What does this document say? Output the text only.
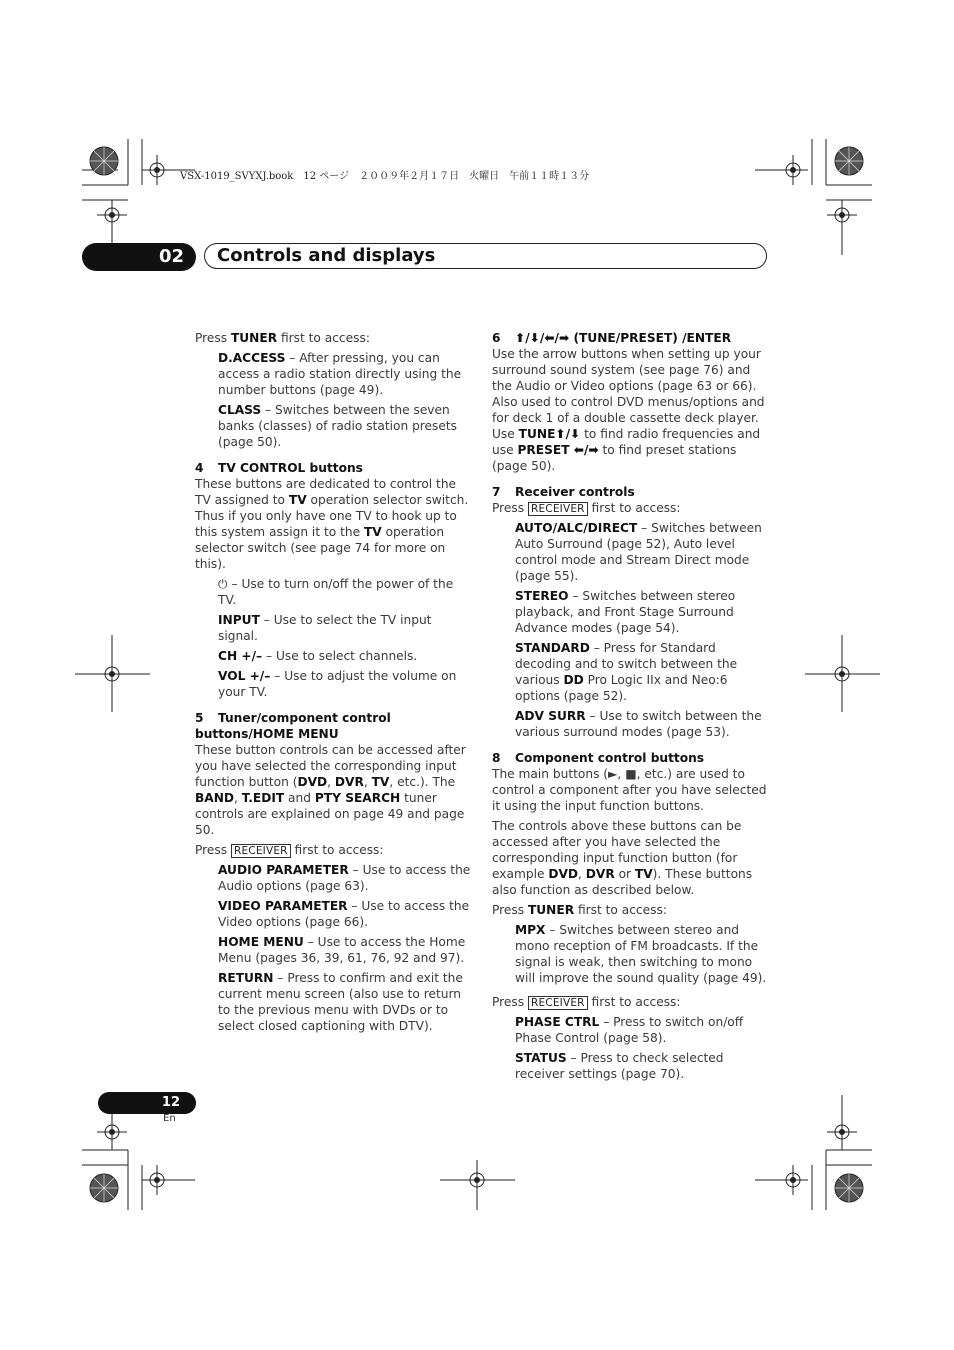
VSX-1019_SVYXJ.book　12 ページ　２００９年２月１７日　火曜日　午前１１時１３分
02	Controls and displays

Press TUNER first to access:

D.ACCESS – After pressing, you can access a radio station directly using the number buttons (page 49).

CLASS – Switches between the seven banks (classes) of radio station presets (page 50).

4 TV CONTROL buttons

These buttons are dedicated to control the TV assigned to TV operation selector switch. Thus if you only have one TV to hook up to this system assign it to the TV operation selector switch (see page 74 for more on this).

⏻ – Use to turn on/off the power of the TV.

INPUT – Use to select the TV input signal.

CH +/– – Use to select channels.

VOL +/– – Use to adjust the volume on your TV.

5 Tuner/component control buttons/HOME MENU

These button controls can be accessed after you have selected the corresponding input function button (DVD, DVR, TV, etc.). The BAND, T.EDIT and PTY SEARCH tuner controls are explained on page 49 and page 50.

Press RECEIVER first to access:

AUDIO PARAMETER – Use to access the Audio options (page 63).

VIDEO PARAMETER – Use to access the Video options (page 66).

HOME MENU – Use to access the Home Menu (pages 36, 39, 61, 76, 92 and 97).

RETURN – Press to confirm and exit the current menu screen (also use to return to the previous menu with DVDs or to select closed captioning with DTV).

6 ⬆/⬇/⬅/➡ (TUNE/PRESET) /ENTER

Use the arrow buttons when setting up your surround sound system (see page 76) and the Audio or Video options (page 63 or 66). Also used to control DVD menus/options and for deck 1 of a double cassette deck player. Use TUNE⬆/⬇ to find radio frequencies and use PRESET ⬅/➡ to find preset stations (page 50).

7 Receiver controls

Press RECEIVER first to access:

AUTO/ALC/DIRECT – Switches between Auto Surround (page 52), Auto level control mode and Stream Direct mode (page 55).

STEREO – Switches between stereo playback, and Front Stage Surround Advance modes (page 54).

STANDARD – Press for Standard decoding and to switch between the various DD Pro Logic IIx and Neo:6 options (page 52).

ADV SURR – Use to switch between the various surround modes (page 53).

8 Component control buttons

The main buttons (►, ■, etc.) are used to control a component after you have selected it using the input function buttons.

The controls above these buttons can be accessed after you have selected the corresponding input function button (for example DVD, DVR or TV). These buttons also function as described below.

Press TUNER first to access:

MPX – Switches between stereo and mono reception of FM broadcasts. If the signal is weak, then switching to mono will improve the sound quality (page 49).

Press RECEIVER first to access:

PHASE CTRL – Press to switch on/off Phase Control (page 58).

STATUS – Press to check selected receiver settings (page 70).

12
En
